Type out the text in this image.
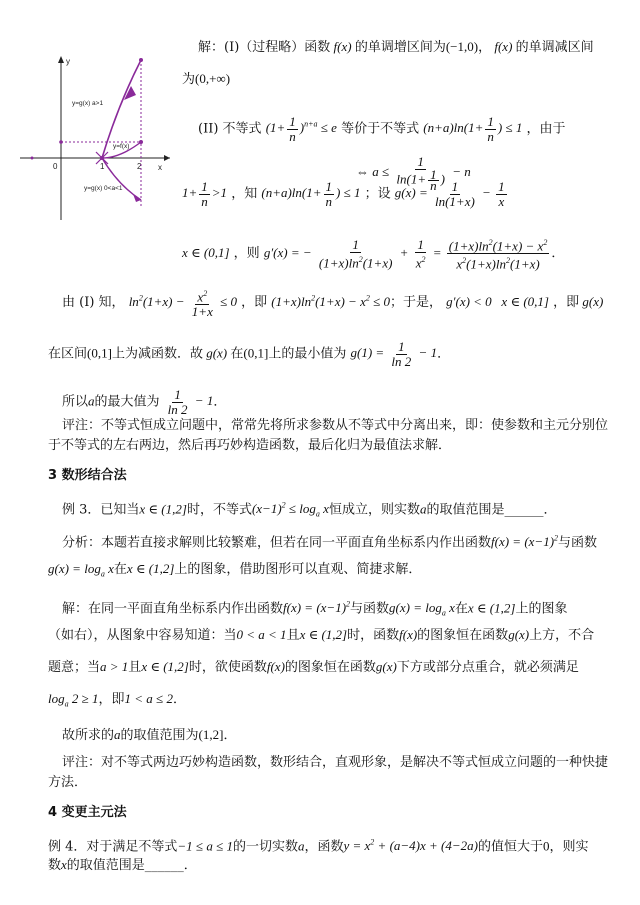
y
x
0	1	2
y=g(x) a>1
y=f(x)
y=g(x) 0<a<1
解：(I)（过程略）函数 f(x) 的单调增区间为(−1,0)， f(x) 的单调减区间
为(0,+∞)
(II) 不等式 $(1+ \frac{1}{n} )^{n+a} \le e$ 等价于不等式 $(n+a)\ln(1+ \frac{1}{n}$ ) ≤ 1 ，由于
⇔ $a \le \frac{1}{\ln(1+ \frac{1}{n} )} - n$
$1+ \frac{1}{n} >1$ ，知 $(n+a)\ln(1+ \frac{1}{n}$ ) ≤ 1 ；设 $g(x) = \frac{1}{\ln(1+x)} - \frac{1}{x}$
x ∈ (0,1] ，则 g′(x) = − $\frac{1}{(1+x)\ln^2(1+x)} + \frac{1}{x^2} = \frac{(1+x)\ln^2(1+x) - x^2}{x^2(1+x)\ln^2(1+x)}$ ．
由 (I) 知， $\ln^2(1+x) - \frac{x^2}{1+x} \le 0$ ，即 $(1+x)\ln^2(1+x) - x^2 \le 0$；于是， g′(x) < 0   x ∈ (0,1] ，即 g(x)
在区间(0,1]上为减函数．故 g(x) 在(0,1]上的最小值为 $g(1) = \frac{1}{\ln 2} - 1$．
所以a的最大值为 $\frac{1}{\ln 2} - 1$．
评注：不等式恒成立问题中，常常先将所求参数从不等式中分离出来，即：使参数和主元分别位
于不等式的左右两边，然后再巧妙构造函数，最后化归为最值法求解．
3 数形结合法
例 3．已知当x ∈ (1,2]时，不等式$(x-1)^2 \le \log_a x$恒成立，则实数a的取值范围是______．
分析：本题若直接求解则比较繁难，但若在同一平面直角坐标系内作出函数$f(x) = (x-1)^2$与函数
$g(x) = \log_a x$在x ∈ (1,2]上的图象，借助图形可以直观、简捷求解．
解：在同一平面直角坐标系内作出函数$f(x) = (x-1)^2$与函数$g(x) = \log_a x$在x ∈ (1,2]上的图象
（如右），从图象中容易知道：当0 < a < 1且x ∈ (1,2]时，函数f(x)的图象恒在函数g(x)上方，不合
题意；当a > 1且x ∈ (1,2]时，欲使函数f(x)的图象恒在函数g(x)下方或部分点重合，就必须满足
$\log_a 2 \ge 1$，即1 < a ≤ 2．
故所求的a的取值范围为(1,2]．
评注：对不等式两边巧妙构造函数，数形结合，直观形象，是解决不等式恒成立问题的一种快捷
方法．
4 变更主元法
例 4．对于满足不等式−1 ≤ a ≤ 1的一切实数a，函数$y = x^2 + (a-4)x + (4-2a)$的值恒大于0，则实
数x的取值范围是______．
